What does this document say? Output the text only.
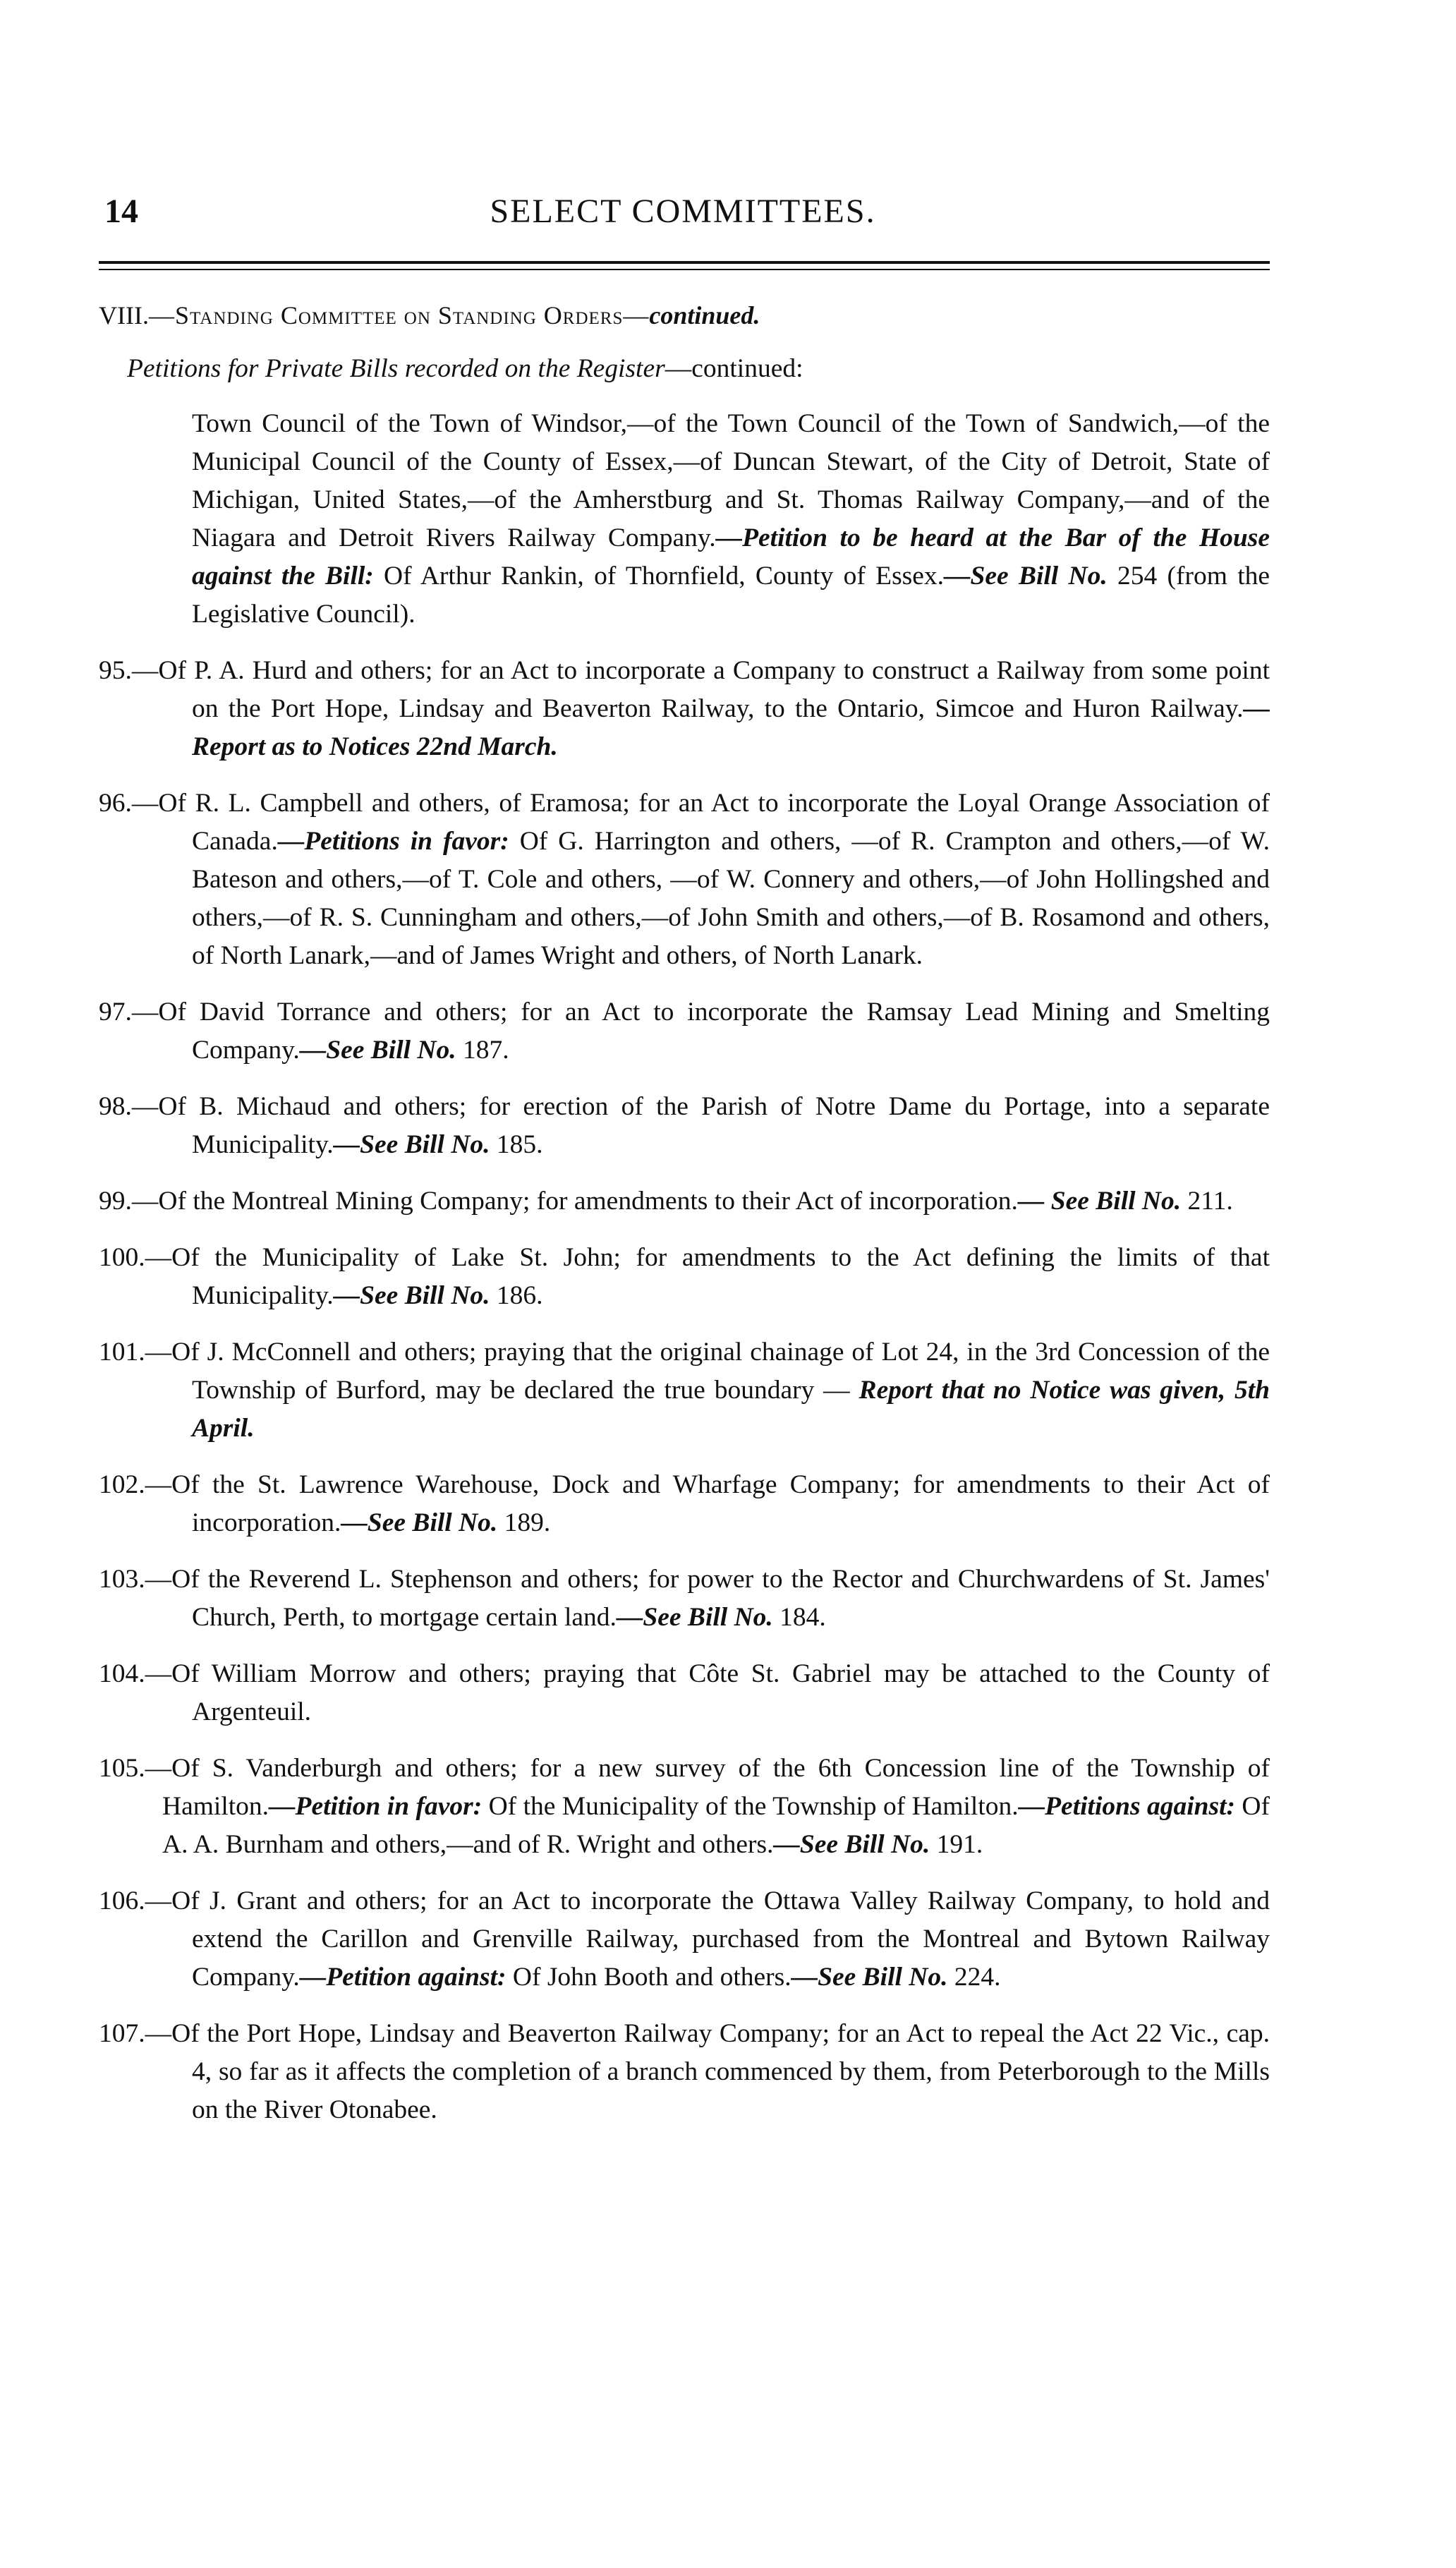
14	SELECT COMMITTEES.

VIII.—Standing Committee on Standing Orders—continued.

Petitions for Private Bills recorded on the Register—continued:

Town Council of the Town of Windsor,—of the Town Council of the Town of Sandwich,—of the Municipal Council of the County of Essex,—of Duncan Stewart, of the City of Detroit, State of Michigan, United States,—of the Amherstburg and St. Thomas Railway Company,—and of the Niagara and Detroit Rivers Railway Company.—Petition to be heard at the Bar of the House against the Bill: Of Arthur Rankin, of Thornfield, County of Essex.—See Bill No. 254 (from the Legislative Council).

95.—Of P. A. Hurd and others; for an Act to incorporate a Company to construct a Railway from some point on the Port Hope, Lindsay and Beaverton Railway, to the Ontario, Simcoe and Huron Railway.—Report as to Notices 22nd March.

96.—Of R. L. Campbell and others, of Eramosa; for an Act to incorporate the Loyal Orange Association of Canada.—Petitions in favor: Of G. Harrington and others, —of R. Crampton and others,—of W. Bateson and others,—of T. Cole and others, —of W. Connery and others,—of John Hollingshed and others,—of R. S. Cunningham and others,—of John Smith and others,—of B. Rosamond and others, of North Lanark,—and of James Wright and others, of North Lanark.

97.—Of David Torrance and others; for an Act to incorporate the Ramsay Lead Mining and Smelting Company.—See Bill No. 187.

98.—Of B. Michaud and others; for erection of the Parish of Notre Dame du Portage, into a separate Municipality.—See Bill No. 185.

99.—Of the Montreal Mining Company; for amendments to their Act of incorporation.— See Bill No. 211.

100.—Of the Municipality of Lake St. John; for amendments to the Act defining the limits of that Municipality.—See Bill No. 186.

101.—Of J. McConnell and others; praying that the original chainage of Lot 24, in the 3rd Concession of the Township of Burford, may be declared the true boundary — Report that no Notice was given, 5th April.

102.—Of the St. Lawrence Warehouse, Dock and Wharfage Company; for amendments to their Act of incorporation.—See Bill No. 189.

103.—Of the Reverend L. Stephenson and others; for power to the Rector and Churchwardens of St. James' Church, Perth, to mortgage certain land.—See Bill No. 184.

104.—Of William Morrow and others; praying that Côte St. Gabriel may be attached to the County of Argenteuil.

105.—Of S. Vanderburgh and others; for a new survey of the 6th Concession line of the Township of Hamilton.—Petition in favor: Of the Municipality of the Township of Hamilton.—Petitions against: Of A. A. Burnham and others,—and of R. Wright and others.—See Bill No. 191.

106.—Of J. Grant and others; for an Act to incorporate the Ottawa Valley Railway Company, to hold and extend the Carillon and Grenville Railway, purchased from the Montreal and Bytown Railway Company.—Petition against: Of John Booth and others.—See Bill No. 224.

107.—Of the Port Hope, Lindsay and Beaverton Railway Company; for an Act to repeal the Act 22 Vic., cap. 4, so far as it affects the completion of a branch commenced by them, from Peterborough to the Mills on the River Otonabee.
